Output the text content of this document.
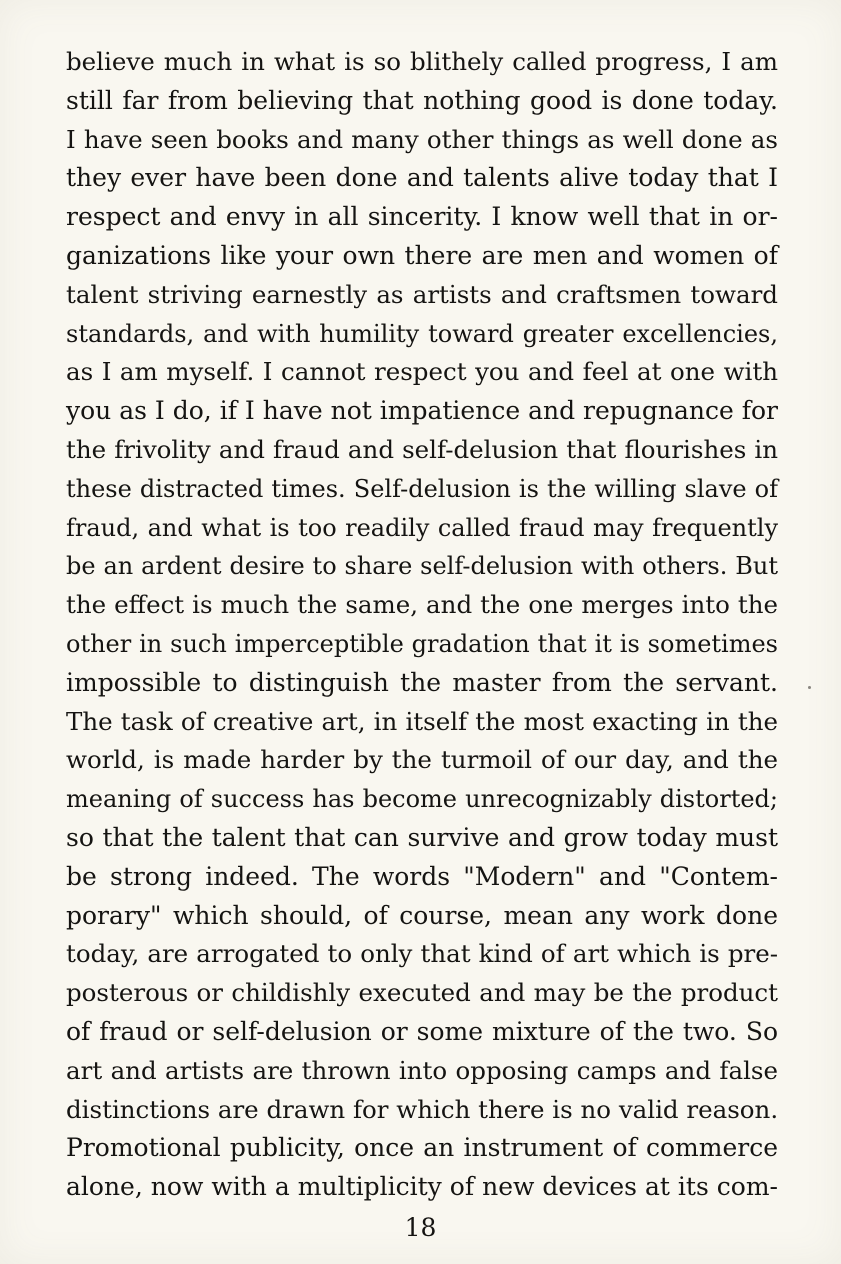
believe much in what is so blithely called progress, I am
still far from believing that nothing good is done today.
I have seen books and many other things as well done as
they ever have been done and talents alive today that I
respect and envy in all sincerity. I know well that in or-
ganizations like your own there are men and women of
talent striving earnestly as artists and craftsmen toward
standards, and with humility toward greater excellencies,
as I am myself. I cannot respect you and feel at one with
you as I do, if I have not impatience and repugnance for
the frivolity and fraud and self-delusion that flourishes in
these distracted times. Self-delusion is the willing slave of
fraud, and what is too readily called fraud may frequently
be an ardent desire to share self-delusion with others. But
the effect is much the same, and the one merges into the
other in such imperceptible gradation that it is sometimes
impossible to distinguish the master from the servant.
The task of creative art, in itself the most exacting in the
world, is made harder by the turmoil of our day, and the
meaning of success has become unrecognizably distorted;
so that the talent that can survive and grow today must
be strong indeed. The words "Modern" and "Contem-
porary" which should, of course, mean any work done
today, are arrogated to only that kind of art which is pre-
posterous or childishly executed and may be the product
of fraud or self-delusion or some mixture of the two. So
art and artists are thrown into opposing camps and false
distinctions are drawn for which there is no valid reason.
Promotional publicity, once an instrument of commerce
alone, now with a multiplicity of new devices at its com-
18
